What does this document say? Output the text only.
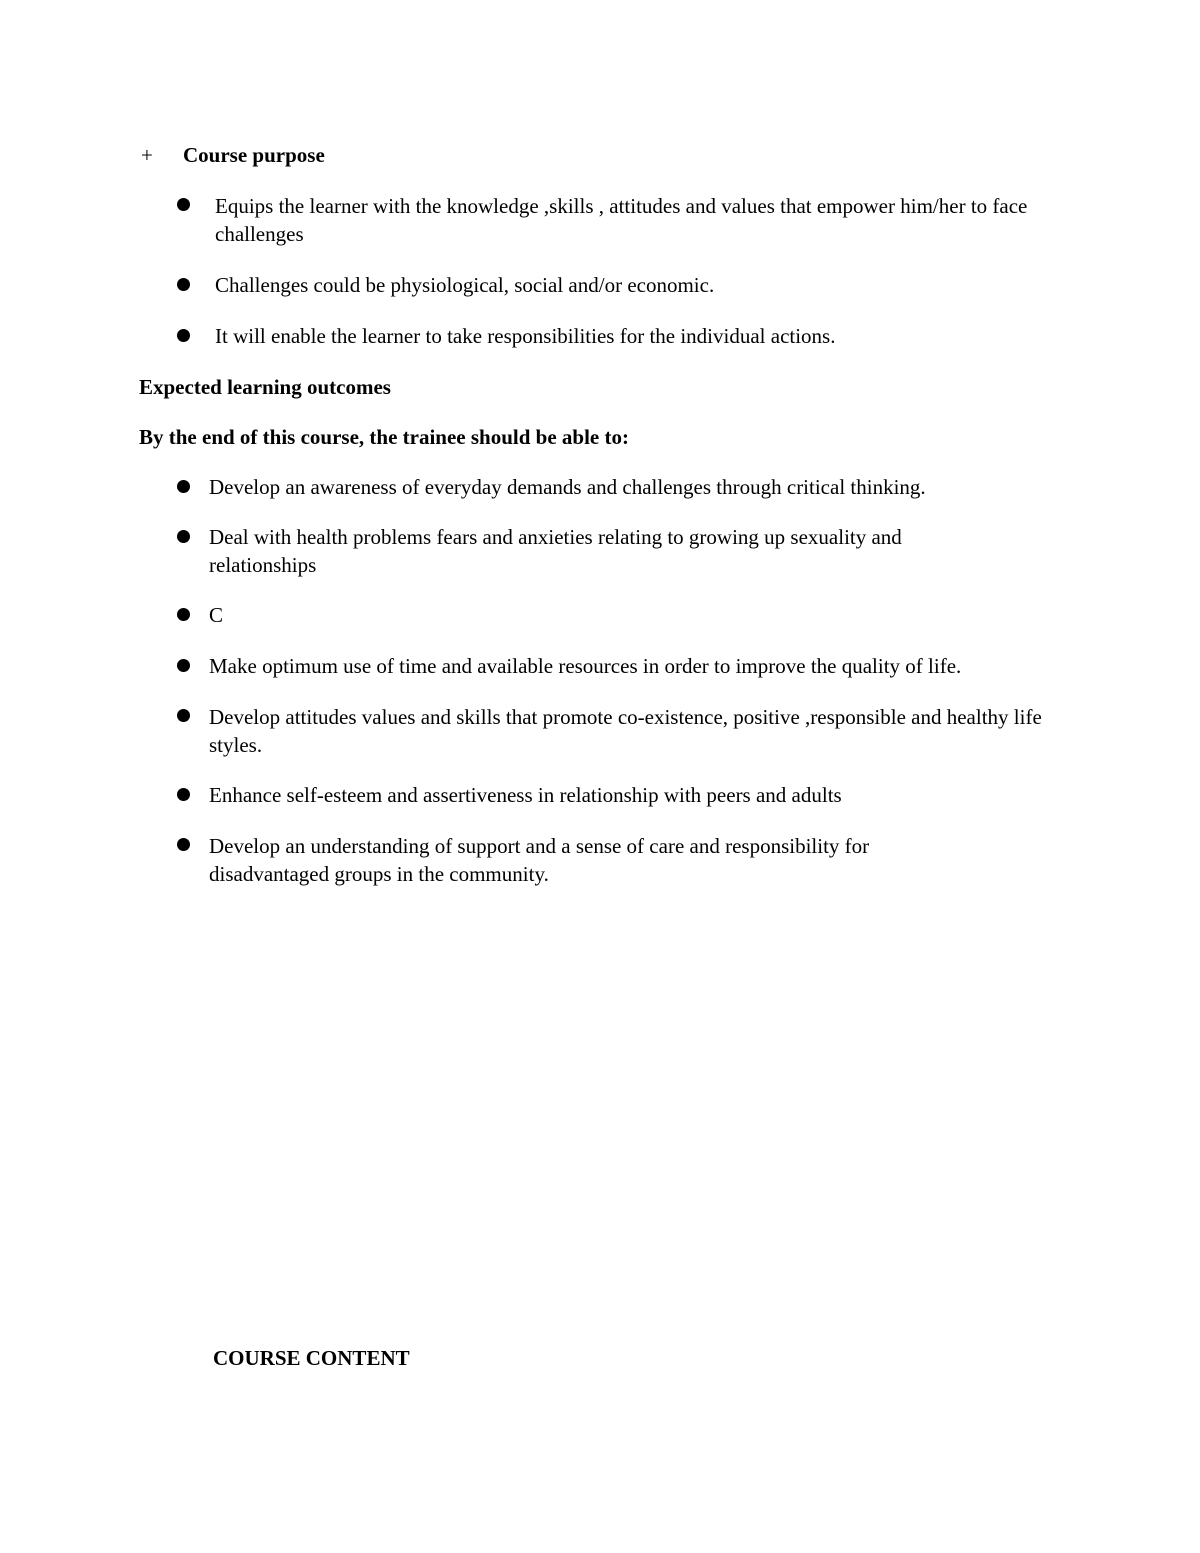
+ Course purpose
Equips the learner with the knowledge ,skills , attitudes and values that empower him/her to face challenges
Challenges could be physiological, social and/or economic.
It will enable the learner to take responsibilities for the individual actions.
Expected learning outcomes
By the end of this course, the trainee should be able to:
Develop an awareness of everyday demands and challenges through critical thinking.
Deal with health problems fears and anxieties relating to growing up sexuality and relationships
C
Make optimum use of time and available resources in order to improve the quality of life.
Develop attitudes values and skills that promote co-existence, positive ,responsible and healthy life styles.
Enhance self-esteem and assertiveness in relationship with peers and adults
Develop an understanding of support and a sense of care and responsibility for disadvantaged groups in the community.
COURSE CONTENT
